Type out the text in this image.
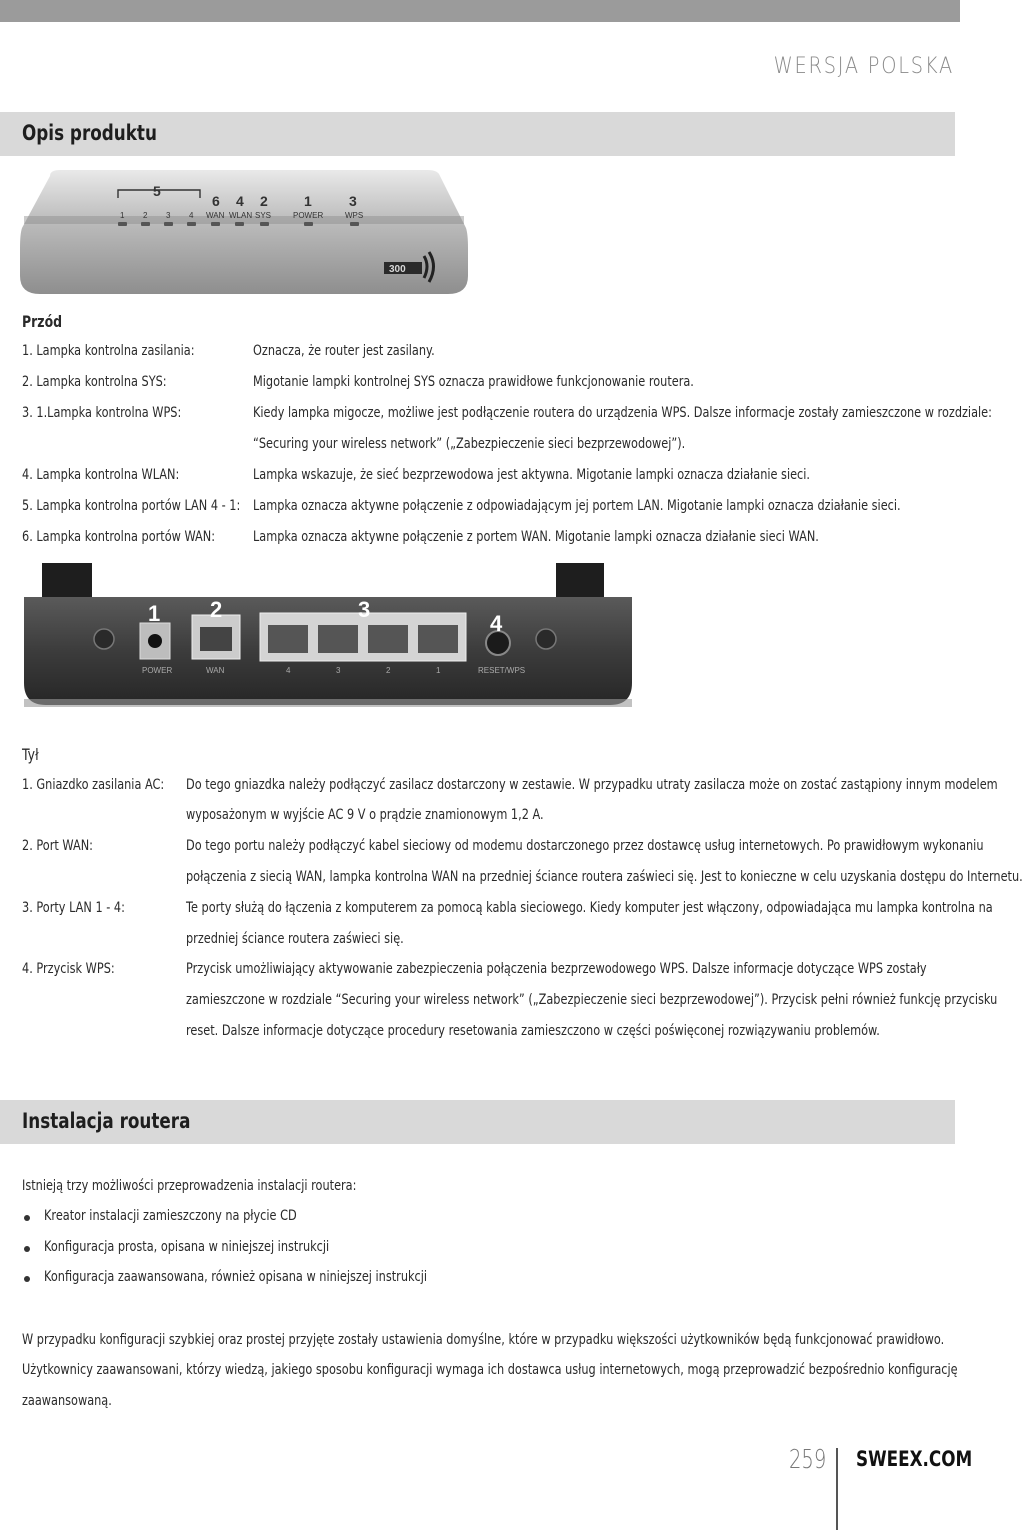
WERSJA POLSKA
Opis produktu
5
6 4 2	1	3
1 2 3 4 WAN WLAN SYS	POWER	WPS
300
Przód
1. Lampka kontrolna zasilania:	Oznacza, że router jest zasilany.
2. Lampka kontrolna SYS:	Migotanie lampki kontrolnej SYS oznacza prawidłowe funkcjonowanie routera.
3. 1.Lampka kontrolna WPS:	Kiedy lampka migocze, możliwe jest podłączenie routera do urządzenia WPS. Dalsze informacje zostały zamieszczone w rozdziale:
“Securing your wireless network” („Zabezpieczenie sieci bezprzewodowej”).
4. Lampka kontrolna WLAN:	Lampka wskazuje, że sieć bezprzewodowa jest aktywna. Migotanie lampki oznacza działanie sieci.
5. Lampka kontrolna portów LAN 4 - 1: Lampka oznacza aktywne połączenie z odpowiadającym jej portem LAN. Migotanie lampki oznacza działanie sieci.
6. Lampka kontrolna portów WAN:	Lampka oznacza aktywne połączenie z portem WAN. Migotanie lampki oznacza działanie sieci WAN.
1 2	3
4
POWER	WAN	4	3	2	1	RESET/WPS
Tył
1. Gniazdko zasilania AC: Do tego gniazdka należy podłączyć zasilacz dostarczony w zestawie. W przypadku utraty zasilacza może on zostać zastąpiony innym modelem
wyposażonym w wyjście AC 9 V o prądzie znamionowym 1,2 A.
2. Port WAN:	Do tego portu należy podłączyć kabel sieciowy od modemu dostarczonego przez dostawcę usług internetowych. Po prawidłowym wykonaniu
połączenia z siecią WAN, lampka kontrolna WAN na przedniej ściance routera zaświeci się. Jest to konieczne w celu uzyskania dostępu do Internetu.
3. Porty LAN 1 - 4:	Te porty służą do łączenia z komputerem za pomocą kabla sieciowego. Kiedy komputer jest włączony, odpowiadająca mu lampka kontrolna na
przedniej ściance routera zaświeci się.
4. Przycisk WPS:	Przycisk umożliwiający aktywowanie zabezpieczenia połączenia bezprzewodowego WPS. Dalsze informacje dotyczące WPS zostały
zamieszczone w rozdziale “Securing your wireless network” („Zabezpieczenie sieci bezprzewodowej”). Przycisk pełni również funkcję przycisku
reset. Dalsze informacje dotyczące procedury resetowania zamieszczono w części poświęconej rozwiązywaniu problemów.
Instalacja routera
Istnieją trzy możliwości przeprowadzenia instalacji routera:
Kreator instalacji zamieszczony na płycie CD
Konfiguracja prosta, opisana w niniejszej instrukcji
Konfiguracja zaawansowana, również opisana w niniejszej instrukcji
W przypadku konfiguracji szybkiej oraz prostej przyjęte zostały ustawienia domyślne, które w przypadku większości użytkowników będą funkcjonować prawidłowo.
Użytkownicy zaawansowani, którzy wiedzą, jakiego sposobu konfiguracji wymaga ich dostawca usług internetowych, mogą przeprowadzić bezpośrednio konfigurację
zaawansowaną.
259 SWEEX.COM
